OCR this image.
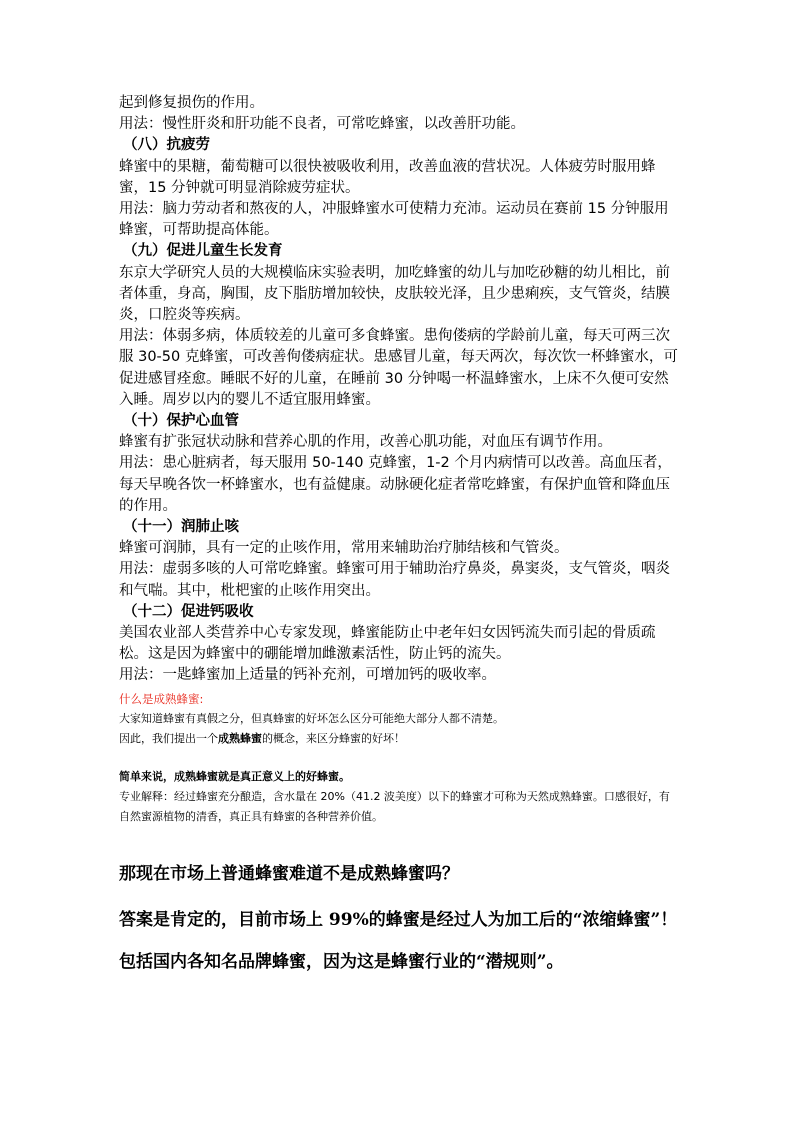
起到修复损伤的作用。

用法：慢性肝炎和肝功能不良者，可常吃蜂蜜，以改善肝功能。

（八）抗疲劳

蜂蜜中的果糖，葡萄糖可以很快被吸收利用，改善血液的营状况。人体疲劳时服用蜂蜜，15 分钟就可明显消除疲劳症状。

用法：脑力劳动者和熬夜的人，冲服蜂蜜水可使精力充沛。运动员在赛前 15 分钟服用蜂蜜，可帮助提高体能。

（九）促进儿童生长发育

东京大学研究人员的大规模临床实验表明，加吃蜂蜜的幼儿与加吃砂糖的幼儿相比，前者体重，身高，胸围，皮下脂肪增加较快，皮肤较光泽，且少患痢疾，支气管炎，结膜炎，口腔炎等疾病。

用法：体弱多病，体质较差的儿童可多食蜂蜜。患佝偻病的学龄前儿童，每天可两三次服 30-50 克蜂蜜，可改善佝偻病症状。患感冒儿童，每天两次，每次饮一杯蜂蜜水，可促进感冒痊愈。睡眠不好的儿童，在睡前 30 分钟喝一杯温蜂蜜水，上床不久便可安然入睡。周岁以内的婴儿不适宜服用蜂蜜。

（十）保护心血管

蜂蜜有扩张冠状动脉和营养心肌的作用，改善心肌功能，对血压有调节作用。

用法：患心脏病者，每天服用 50-140 克蜂蜜，1-2 个月内病情可以改善。高血压者，每天早晚各饮一杯蜂蜜水，也有益健康。动脉硬化症者常吃蜂蜜，有保护血管和降血压的作用。

（十一）润肺止咳

蜂蜜可润肺，具有一定的止咳作用，常用来辅助治疗肺结核和气管炎。

用法：虚弱多咳的人可常吃蜂蜜。蜂蜜可用于辅助治疗鼻炎，鼻窦炎，支气管炎，咽炎和气喘。其中，枇杷蜜的止咳作用突出。

（十二）促进钙吸收

美国农业部人类营养中心专家发现，蜂蜜能防止中老年妇女因钙流失而引起的骨质疏松。这是因为蜂蜜中的硼能增加雌激素活性，防止钙的流失。

用法：一匙蜂蜜加上适量的钙补充剂，可增加钙的吸收率。

什么是成熟蜂蜜:

大家知道蜂蜜有真假之分，但真蜂蜜的好坏怎么区分可能绝大部分人都不清楚。

因此，我们提出一个成熟蜂蜜的概念，来区分蜂蜜的好坏！

简单来说，成熟蜂蜜就是真正意义上的好蜂蜜。

专业解释：经过蜂蜜充分酿造，含水量在 20%（41.2 波美度）以下的蜂蜜才可称为天然成熟蜂蜜。口感很好，有自然蜜源植物的清香，真正具有蜂蜜的各种营养价值。

那现在市场上普通蜂蜜难道不是成熟蜂蜜吗？

答案是肯定的，目前市场上 99%的蜂蜜是经过人为加工后的“浓缩蜂蜜”！包括国内各知名品牌蜂蜜，因为这是蜂蜜行业的“潜规则”。
